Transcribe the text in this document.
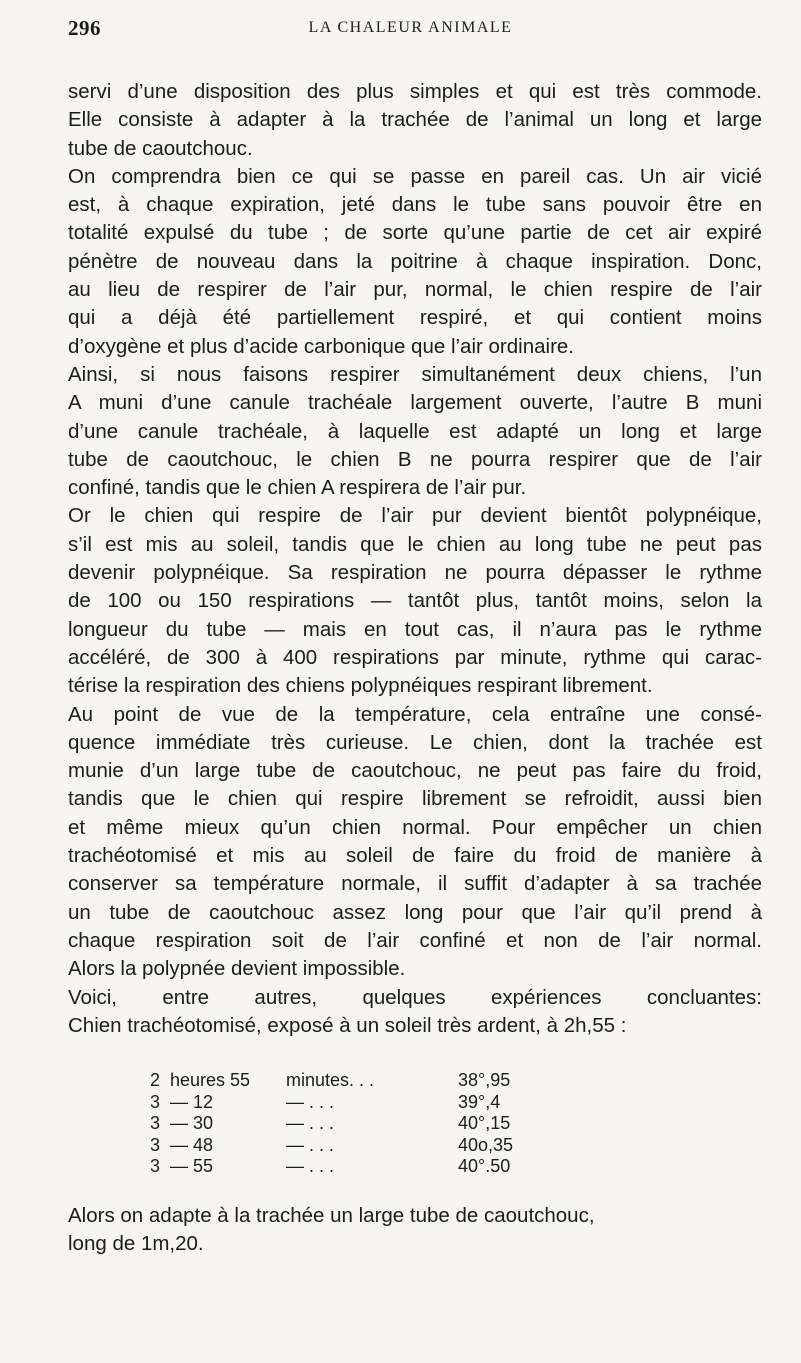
296	LA CHALEUR ANIMALE

servi d’une disposition des plus simples et qui est très commode.
Elle consiste à adapter à la trachée de l’animal un long et large
tube de caoutchouc.

On comprendra bien ce qui se passe en pareil cas. Un air vicié
est, à chaque expiration, jeté dans le tube sans pouvoir être en
totalité expulsé du tube ; de sorte qu’une partie de cet air expiré
pénètre de nouveau dans la poitrine à chaque inspiration. Donc,
au lieu de respirer de l’air pur, normal, le chien respire de l’air
qui a déjà été partiellement respiré, et qui contient moins
d’oxygène et plus d’acide carbonique que l’air ordinaire.

Ainsi, si nous faisons respirer simultanément deux chiens, l’un
A muni d’une canule trachéale largement ouverte, l’autre B muni
d’une canule trachéale, à laquelle est adapté un long et large
tube de caoutchouc, le chien B ne pourra respirer que de l’air
confiné, tandis que le chien A respirera de l’air pur.

Or le chien qui respire de l’air pur devient bientôt polypnéique,
s’il est mis au soleil, tandis que le chien au long tube ne peut pas
devenir polypnéique. Sa respiration ne pourra dépasser le rythme
de 100 ou 150 respirations — tantôt plus, tantôt moins, selon la
longueur du tube — mais en tout cas, il n’aura pas le rythme
accéléré, de 300 à 400 respirations par minute, rythme qui carac-
térise la respiration des chiens polypnéiques respirant librement.

Au point de vue de la température, cela entraîne une consé-
quence immédiate très curieuse. Le chien, dont la trachée est
munie d’un large tube de caoutchouc, ne peut pas faire du froid,
tandis que le chien qui respire librement se refroidit, aussi bien
et même mieux qu’un chien normal. Pour empêcher un chien
trachéotomisé et mis au soleil de faire du froid de manière à
conserver sa température normale, il suffit d’adapter à sa trachée
un tube de caoutchouc assez long pour que l’air qu’il prend à
chaque respiration soit de l’air confiné et non de l’air normal.
Alors la polypnée devient impossible.

Voici, entre autres, quelques expériences concluantes:
Chien trachéotomisé, exposé à un soleil très ardent, à 2h,55 :

2	heures 55	minutes. . .	38°,95
3	— 12	— . . .	39°,4
3	— 30	— . . .	40°,15
3	— 48	— . . .	40o,35
3	— 55	— . . .	40°.50
Alors on adapte à la trachée un large tube de caoutchouc,
long de 1m,20.
